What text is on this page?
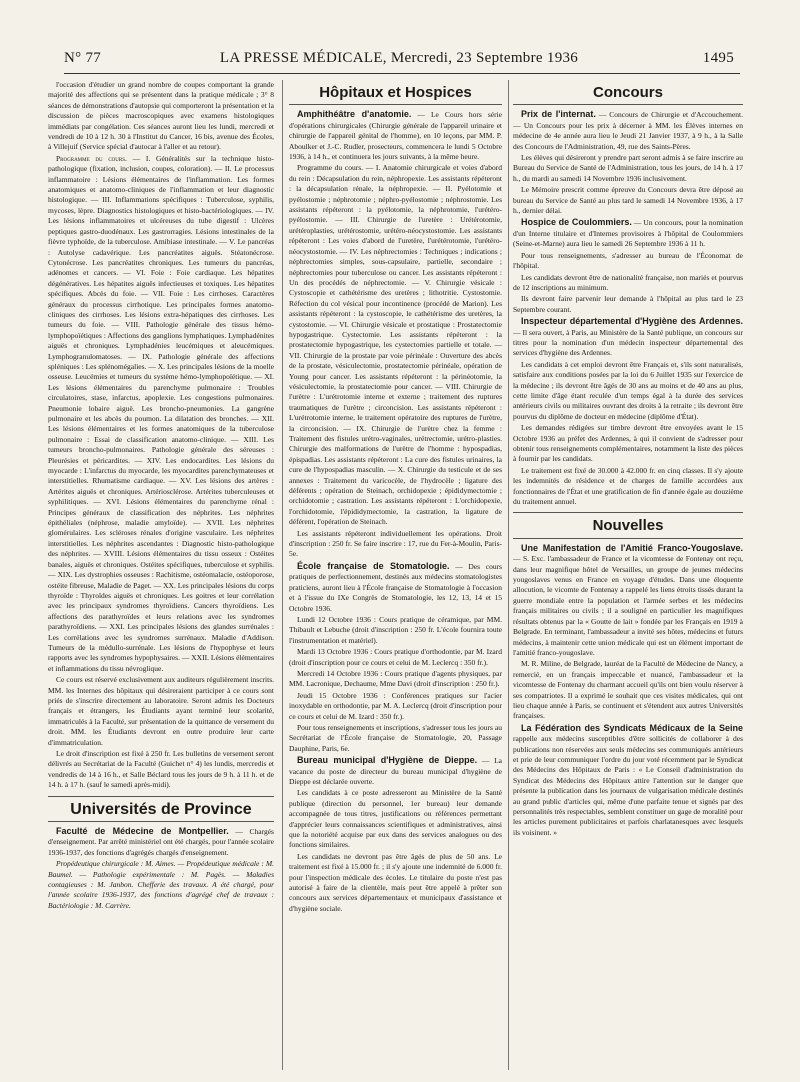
N° 77	LA PRESSE MÉDICALE, Mercredi, 23 Septembre 1936	1495

l'occasion d'étudier un grand nombre de coupes comportant la grande majorité des affections qui se présentent dans la pratique médicale ; 3° 8 séances de démonstrations d'autopsie qui comporteront la présentation et la discussion de pièces macroscopiques avec examens histologiques immédiats par congélation. Ces séances auront lieu les lundi, mercredi et vendredi de 10 à 12 h. 30 à l'Institut du Cancer, 16 bis, avenue des Écoles, à Villejuif (Service spécial d'autocar à l'aller et au retour).

Programme du cours. — I. Généralités sur la technique histo-pathologique (fixation, inclusion, coupes, coloration). — II. Le processus inflammatoire : Lésions élémentaires de l'inflammation. Les formes anatomiques et anatomo-cliniques de l'inflammation et leur diagnostic histologique. — III. Inflammations spécifiques : Tuberculose, syphilis, mycoses, lèpre. Diagnostics histologiques et histo-bactériologiques. — IV. Les lésions inflammatoires et ulcéreuses du tube digestif : Ulcères peptiques gastro-duodénaux. Les gastrorragies. Lésions intestinales de la fièvre typhoïde, de la tuberculose. Amibiase intestinale. — V. Le pancréas : Autolyse cadavérique. Les pancréatites aiguës. Stéatonécrose. Cytonécrose. Les pancréatites chroniques. Les tumeurs du pancréas, adénomes et cancers. — VI. Foie : Foie cardiaque. Les hépatites dégénératives. Les hépatites aiguës infectieuses et toxiques. Les hépatites spécifiques. Abcès du foie. — VII. Foie : Les cirrhoses. Caractères généraux du processus cirrhotique. Les principales formes anatomo-cliniques des cirrhoses. Les lésions extra-hépatiques des cirrhoses. Les tumeurs du foie. — VIII. Pathologie générale des tissus hémo-lymphopoïétiques : Affections des ganglions lymphatiques. Lymphadénites aiguës et chroniques. Lymphadénies leucémiques et aleucémiques. Lymphogranulomatoses. — IX. Pathologie générale des affections spléniques : Les splénomégalies. — X. Les principales lésions de la moelle osseuse. Leucémies et tumeurs du système hémo-lymphopoïétique. — XI. Les lésions élémentaires du parenchyme pulmonaire : Troubles circulatoires, stase, infarctus, apoplexie. Les congestions pulmonaires. Pneumonie lobaire aiguë. Les broncho-pneumonies. La gangrène pulmonaire et les abcès du poumon. La dilatation des bronches. — XII. Les lésions élémentaires et les formes anatomiques de la tuberculose pulmonaire : Essai de classification anatomo-clinique. — XIII. Les tumeurs broncho-pulmonaires. Pathologie générale des séreuses : Pleurésies et péricardites. — XIV. Les endocardites. Les lésions du myocarde : L'infarctus du myocarde, les myocardites parenchymateuses et interstitielles. Rhumatisme cardiaque. — XV. Les lésions des artères : Artérites aiguës et chroniques. Artériosclérose. Artérites tuberculeuses et syphilitiques. — XVI. Lésions élémentaires du parenchyme rénal : Principes généraux de classification des néphrites. Les néphrites épithéliales (néphrose, maladie amyloïde). — XVII. Les néphrites glomérulaires. Les scléroses rénales d'origine vasculaire. Les néphrites interstitielles. Les néphrites ascendantes : Diagnostic histo-pathologique des néphrites. — XVIII. Lésions élémentaires du tissu osseux : Ostéites banales, aiguës et chroniques. Ostéites spécifiques, tuberculose et syphilis. — XIX. Les dystrophies osseuses : Rachitisme, ostéomalacie, ostéoporose, ostéite fibreuse, Maladie de Paget. — XX. Les principales lésions du corps thyroïde : Thyroïdes aiguës et chroniques. Les goitres et leur corrélation avec les principaux syndromes thyroïdiens. Cancers thyroïdiens. Les affections des parathyroïdes et leurs relations avec les syndromes parathyroïdiens. — XXI. Les principales lésions des glandes surrénales : Les corrélations avec les syndromes surrénaux. Maladie d'Addison. Tumeurs de la médullo-surrénale. Les lésions de l'hypophyse et leurs rapports avec les syndromes hypophysaires. — XXII. Lésions élémentaires et inflammations du tissu névroglique.

Ce cours est réservé exclusivement aux auditeurs régulièrement inscrits. MM. les Internes des hôpitaux qui désireraient participer à ce cours sont priés de s'inscrire directement au laboratoire. Seront admis les Docteurs français et étrangers, les Étudiants ayant terminé leur scolarité, immatriculés à la Faculté, sur présentation de la quittance de versement du droit. MM. les Étudiants devront en outre produire leur carte d'immatriculation.

Le droit d'inscription est fixé à 250 fr. Les bulletins de versement seront délivrés au Secrétariat de la Faculté (Guichet n° 4) les lundis, mercredis et vendredis de 14 à 16 h., et Salle Béclard tous les jours de 9 h. à 11 h. et de 14 h. à 17 h. (sauf le samedi après-midi).

Universités de Province

Faculté de Médecine de Montpellier. — Chargés d'enseignement. Par arrêté ministériel ont été chargés, pour l'année scolaire 1936-1937, des fonctions d'agrégés chargés d'enseignement.

Propédeutique chirurgicale : M. Aimes. — Propédeutique médicale : M. Baumel. — Pathologie expérimentale : M. Pagès. — Maladies contagieuses : M. Janbon. Chefferie des travaux. A été chargé, pour l'année scolaire 1936-1937, des fonctions d'agrégé chef de travaux : Bactériologie : M. Carrère.

Hôpitaux et Hospices

Amphithéâtre d'anatomie. — Le Cours hors série d'opérations chirurgicales (Chirurgie générale de l'appareil urinaire et chirurgie de l'appareil génital de l'homme), en 10 leçons, par MM. P. Aboulker et J.-C. Rudler, prosecteurs, commencera le lundi 5 Octobre 1936, à 14 h., et continuera les jours suivants, à la même heure.

Programme du cours. — I. Anatomie chirurgicale et voies d'abord du rein : Décapsulation du rein, néphropexie. Les assistants répéteront : la décapsulation rénale, la néphropexie. — II. Pyélotomie et pyélostomie ; néphrotomie ; néphro-pyélostomie ; néphrostomie. Les assistants répéteront : la pyélotomie, la néphrotomie, l'urétéro-pyélostomie. — III. Chirurgie de l'uretère : Urétérotomie, urétéroplasties, urétérostomie, urétéro-néocystostomie. Les assistants répéteront : Les voies d'abord de l'uretère, l'urétérotomie, l'urétéro-néocystostomie. — IV. Les néphrectomies : Techniques ; indications ; néphrectomies simples, sous-capsulaire, partielle, secondaire ; néphrectomies pour tuberculose ou cancer. Les assistants répéteront : Un des procédés de néphrectomie. — V. Chirurgie vésicale : Cystoscopie et cathétérisme des uretères ; lithotritie. Cystostomie. Réfection du col vésical pour incontinence (procédé de Marion). Les assistants répéteront : la cystoscopie, le cathétérisme des uretères, la cystostomie. — VI. Chirurgie vésicale et prostatique : Prostatectomie hypogastrique. Cystectomie. Les assistants répéteront : la prostatectomie hypogastrique, les cystectomies partielle et totale. — VII. Chirurgie de la prostate par voie périnéale : Ouverture des abcès de la prostate, vésiculectomie, prostatectomie périnéale, opération de Young pour cancer. Les assistants répéteront : la périnéotomie, la vésiculectomie, la prostatectomie pour cancer. — VIII. Chirurgie de l'urètre : L'urétrotomie interne et externe ; traitement des ruptures traumatiques de l'urètre ; circoncision. Les assistants répéteront : L'urétrotomie interne, le traitement opératoire des ruptures de l'urètre, la circoncision. — IX. Chirurgie de l'urètre chez la femme : Traitement des fistules urétro-vaginales, urétrectomie, urétro-plasties. Chirurgie des malformations de l'urètre de l'homme : hypospadias, épispadias. Les assistants répéteront : La cure des fistules urinaires, la cure de l'hypospadias masculin. — X. Chirurgie du testicule et de ses annexes : Traitement du varicocèle, de l'hydrocèle ; ligature des déférents ; opération de Steinach, orchidopexie ; épididymectomie ; orchidotomie ; castration. Les assistants répéteront : L'orchidopexie, l'orchidotomie, l'épididymectomie, la castration, la ligature de déférent, l'opération de Steinach.

Les assistants répéteront individuellement les opérations. Droit d'inscription : 250 fr. Se faire inscrire : 17, rue du Fer-à-Moulin, Paris-5e.

École française de Stomatologie. — Des cours pratiques de perfectionnement, destinés aux médecins stomatologistes praticiens, auront lieu à l'École française de Stomatologie à l'occasion et à l'issue du IXe Congrès de Stomatologie, les 12, 13, 14 et 15 Octobre 1936.

Lundi 12 Octobre 1936 : Cours pratique de céramique, par MM. Thibault et Lebuche (droit d'inscription : 250 fr. L'école fournira toute l'instrumentation et matériel).

Mardi 13 Octobre 1936 : Cours pratique d'orthodontie, par M. Izard (droit d'inscription pour ce cours et celui de M. Leclercq : 350 fr.).

Mercredi 14 Octobre 1936 : Cours pratique d'agents physiques, par MM. Lacronique, Dechaume, Mme Davi (droit d'inscription : 250 fr.).

Jeudi 15 Octobre 1936 : Conférences pratiques sur l'acier inoxydable en orthodontie, par M. A. Leclercq (droit d'inscription pour ce cours et celui de M. Izard : 350 fr.).

Pour tous renseignements et inscriptions, s'adresser tous les jours au Secrétariat de l'École française de Stomatologie, 20, Passage Dauphine, Paris, 6e.

Bureau municipal d'Hygiène de Dieppe. — La vacance du poste de directeur du bureau municipal d'hygiène de Dieppe est déclarée ouverte.

Les candidats à ce poste adresseront au Ministère de la Santé publique (direction du personnel, 1er bureau) leur demande accompagnée de tous titres, justifications ou références permettant d'apprécier leurs connaissances scientifiques et administratives, ainsi que la notoriété acquise par eux dans des services analogues ou des fonctions similaires.

Les candidats ne devront pas être âgés de plus de 50 ans. Le traitement est fixé à 15.000 fr. ; il s'y ajoute une indemnité de 6.000 fr. pour l'inspection médicale des écoles. Le titulaire du poste n'est pas autorisé à faire de la clientèle, mais peut être appelé à prêter son concours aux services départementaux et municipaux d'assistance et d'hygiène sociale.

Concours

Prix de l'internat. — Concours de Chirurgie et d'Accouchement. — Un Concours pour les prix à décerner à MM. les Élèves internes en médecine de 4e année aura lieu le Jeudi 21 Janvier 1937, à 9 h., à la Salle des Concours de l'Administration, 49, rue des Saints-Pères.

Les élèves qui désireront y prendre part seront admis à se faire inscrire au Bureau du Service de Santé de l'Administration, tous les jours, de 14 h. à 17 h., du mardi au samedi 14 Novembre 1936 inclusivement.

Le Mémoire prescrit comme épreuve du Concours devra être déposé au bureau du Service de Santé au plus tard le samedi 14 Novembre 1936, à 17 h., dernier délai.

Hospice de Coulommiers. — Un concours, pour la nomination d'un Interne titulaire et d'Internes provisoires à l'hôpital de Coulommiers (Seine-et-Marne) aura lieu le samedi 26 Septembre 1936 à 11 h.

Pour tous renseignements, s'adresser au bureau de l'Économat de l'hôpital.

Les candidats devront être de nationalité française, non mariés et pourvus de 12 inscriptions au minimum.

Ils devront faire parvenir leur demande à l'hôpital au plus tard le 23 Septembre courant.

Inspecteur départemental d'Hygiène des Ardennes. — Il sera ouvert, à Paris, au Ministère de la Santé publique, un concours sur titres pour la nomination d'un médecin inspecteur départemental des services d'hygiène des Ardennes.

Les candidats à cet emploi devront être Français et, s'ils sont naturalisés, satisfaire aux conditions posées par la loi du 6 Juillet 1935 sur l'exercice de la médecine ; ils devront être âgés de 30 ans au moins et de 40 ans au plus, cette limite d'âge étant reculée d'un temps égal à la durée des services antérieurs civils ou militaires ouvrant des droits à la retraite ; ils devront être pourvus du diplôme de docteur en médecine (diplôme d'État).

Les demandes rédigées sur timbre devront être envoyées avant le 15 Octobre 1936 au préfet des Ardennes, à qui il convient de s'adresser pour obtenir tous renseignements complémentaires, notamment la liste des pièces à fournir par les candidats.

Le traitement est fixé de 30.000 à 42.000 fr. en cinq classes. Il s'y ajoute les indemnités de résidence et de charges de famille accordées aux fonctionnaires de l'État et une gratification de fin d'année égale au douzième du traitement annuel.

Nouvelles

Une Manifestation de l'Amitié Franco-Yougoslave. — S. Exc. l'ambassadeur de France et la vicomtesse de Fontenay ont reçu, dans leur magnifique hôtel de Versailles, un groupe de jeunes médecins yougoslaves venus en France en voyage d'études. Dans une éloquente allocution, le vicomte de Fontenay a rappelé les liens étroits tissés durant la guerre mondiale entre la population et l'armée serbes et les médecins français militaires ou civils ; il a souligné en particulier les magnifiques résultats obtenus par la « Goutte de lait » fondée par les Français en 1919 à Belgrade. En terminant, l'ambassadeur a invité ses hôtes, médecins et futurs médecins, à maintenir cette union médicale qui est un élément important de l'amitié franco-yougoslave.

M. R. Miline, de Belgrade, lauréat de la Faculté de Médecine de Nancy, a remercié, en un français impeccable et nuancé, l'ambassadeur et la vicomtesse de Fontenay du charmant accueil qu'ils ont bien voulu réserver à ses compatriotes. Il a exprimé le souhait que ces visites médicales, qui ont lieu chaque année à Paris, se continuent et s'étendent aux autres Universités françaises.

La Fédération des Syndicats Médicaux de la Seine rappelle aux médecins susceptibles d'être sollicités de collaborer à des publications non réservées aux seuls médecins ses communiqués antérieurs et prie de leur communiquer l'ordre du jour voté récemment par le Syndicat des Médecins des Hôpitaux de Paris : « Le Conseil d'administration du Syndicat des Médecins des Hôpitaux attire l'attention sur le danger que présente la publication dans les journaux de vulgarisation médicale destinés au grand public d'articles qui, même d'une parfaite tenue et signés par des personnalités très respectables, semblent constituer un gage de moralité pour les articles purement publicitaires et parfois charlatanesques avec lesquels ils voisinent. »
